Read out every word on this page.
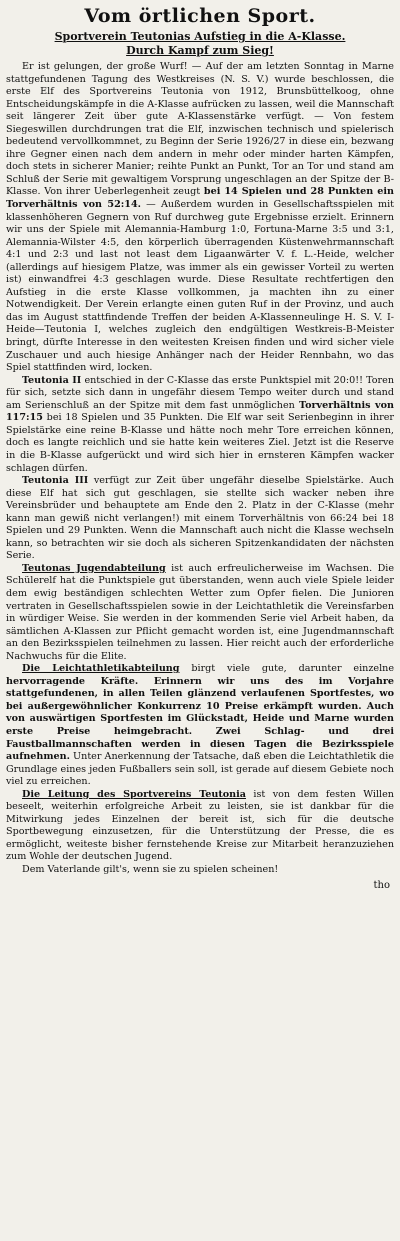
Vom örtlichen Sport.
Sportverein Teutonias Aufstieg in die A-Klasse.
Durch Kampf zum Sieg!

Er ist gelungen, der große Wurf! — Auf der am letzten Sonntag in Marne stattgefundenen Tagung des Westkreises (N. S. V.) wurde beschlossen, die erste Elf des Sportvereins Teutonia von 1912, Brunsbüttelkoog, ohne Entscheidungskämpfe in die A-Klasse aufrücken zu lassen, weil die Mannschaft seit längerer Zeit über gute A-Klassenstärke verfügt. — Von festem Siegeswillen durchdrungen trat die Elf, inzwischen technisch und spielerisch bedeutend vervollkommnet, zu Beginn der Serie 1926/27 in diese ein, bezwang ihre Gegner einen nach dem andern in mehr oder minder harten Kämpfen, doch stets in sicherer Manier; reihte Punkt an Punkt, Tor an Tor und stand am Schluß der Serie mit gewaltigem Vorsprung ungeschlagen an der Spitze der B-Klasse. Von ihrer Ueberlegenheit zeugt bei 14 Spielen und 28 Punkten ein Torverhältnis von 52:14. — Außerdem wurden in Gesellschaftsspielen mit klassenhöheren Gegnern von Ruf durchweg gute Ergebnisse erzielt. Erinnern wir uns der Spiele mit Alemannia-Hamburg 1:0, Fortuna-Marne 3:5 und 3:1, Alemannia-Wilster 4:5, den körperlich überragenden Küstenwehrmannschaft 4:1 und 2:3 und last not least dem Ligaanwärter V. f. L.-Heide, welcher (allerdings auf hiesigem Platze, was immer als ein gewisser Vorteil zu werten ist) einwandfrei 4:3 geschlagen wurde. Diese Resultate rechtfertigen den Aufstieg in die erste Klasse vollkommen, ja machten ihn zu einer Notwendigkeit. Der Verein erlangte einen guten Ruf in der Provinz, und auch das im August stattfindende Treffen der beiden A-Klassenneulinge H. S. V. I-Heide—Teutonia I, welches zugleich den endgültigen Westkreis-B-Meister bringt, dürfte Interesse in den weitesten Kreisen finden und wird sicher viele Zuschauer und auch hiesige Anhänger nach der Heider Rennbahn, wo das Spiel stattfinden wird, locken.

Teutonia II entschied in der C-Klasse das erste Punktspiel mit 20:0!! Toren für sich, setzte sich dann in ungefähr diesem Tempo weiter durch und stand am Serienschluß an der Spitze mit dem fast unmöglichen Torverhältnis von 117:15 bei 18 Spielen und 35 Punkten. Die Elf war seit Serienbeginn in ihrer Spielstärke eine reine B-Klasse und hätte noch mehr Tore erreichen können, doch es langte reichlich und sie hatte kein weiteres Ziel. Jetzt ist die Reserve in die B-Klasse aufgerückt und wird sich hier in ernsteren Kämpfen wacker schlagen dürfen.

Teutonia III verfügt zur Zeit über ungefähr dieselbe Spielstärke. Auch diese Elf hat sich gut geschlagen, sie stellte sich wacker neben ihre Vereinsbrüder und behauptete am Ende den 2. Platz in der C-Klasse (mehr kann man gewiß nicht verlangen!) mit einem Torverhältnis von 66:24 bei 18 Spielen und 29 Punkten. Wenn die Mannschaft auch nicht die Klasse wechseln kann, so betrachten wir sie doch als sicheren Spitzenkandidaten der nächsten Serie.

Teutonas Jugendabteilung ist auch erfreulicherweise im Wachsen. Die Schülerelf hat die Punktspiele gut überstanden, wenn auch viele Spiele leider dem ewig beständigen schlechten Wetter zum Opfer fielen. Die Junioren vertraten in Gesellschaftsspielen sowie in der Leichtathletik die Vereinsfarben in würdiger Weise. Sie werden in der kommenden Serie viel Arbeit haben, da sämtlichen A-Klassen zur Pflicht gemacht worden ist, eine Jugendmannschaft an den Bezirksspielen teilnehmen zu lassen. Hier reicht auch der erforderliche Nachwuchs für die Elite.

Die Leichtathletikabteilung birgt viele gute, darunter einzelne hervorragende Kräfte. Erinnern wir uns des im Vorjahre stattgefundenen, in allen Teilen glänzend verlaufenen Sportfestes, wo bei außergewöhnlicher Konkurrenz 10 Preise erkämpft wurden. Auch von auswärtigen Sportfesten im Glückstadt, Heide und Marne wurden erste Preise heimgebracht. Zwei Schlag- und drei Faustballmannschaften werden in diesen Tagen die Bezirksspiele aufnehmen. Unter Anerkennung der Tatsache, daß eben die Leichtathletik die Grundlage eines jeden Fußballers sein soll, ist gerade auf diesem Gebiete noch viel zu erreichen.

Die Leitung des Sportvereins Teutonia ist von dem festen Willen beseelt, weiterhin erfolgreiche Arbeit zu leisten, sie ist dankbar für die Mitwirkung jedes Einzelnen der bereit ist, sich für die deutsche Sportbewegung einzusetzen, für die Unterstützung der Presse, die es ermöglicht, weiteste bisher fernstehende Kreise zur Mitarbeit heranzuziehen zum Wohle der deutschen Jugend.

Dem Vaterlande gilt's, wenn sie zu spielen scheinen!

tho
